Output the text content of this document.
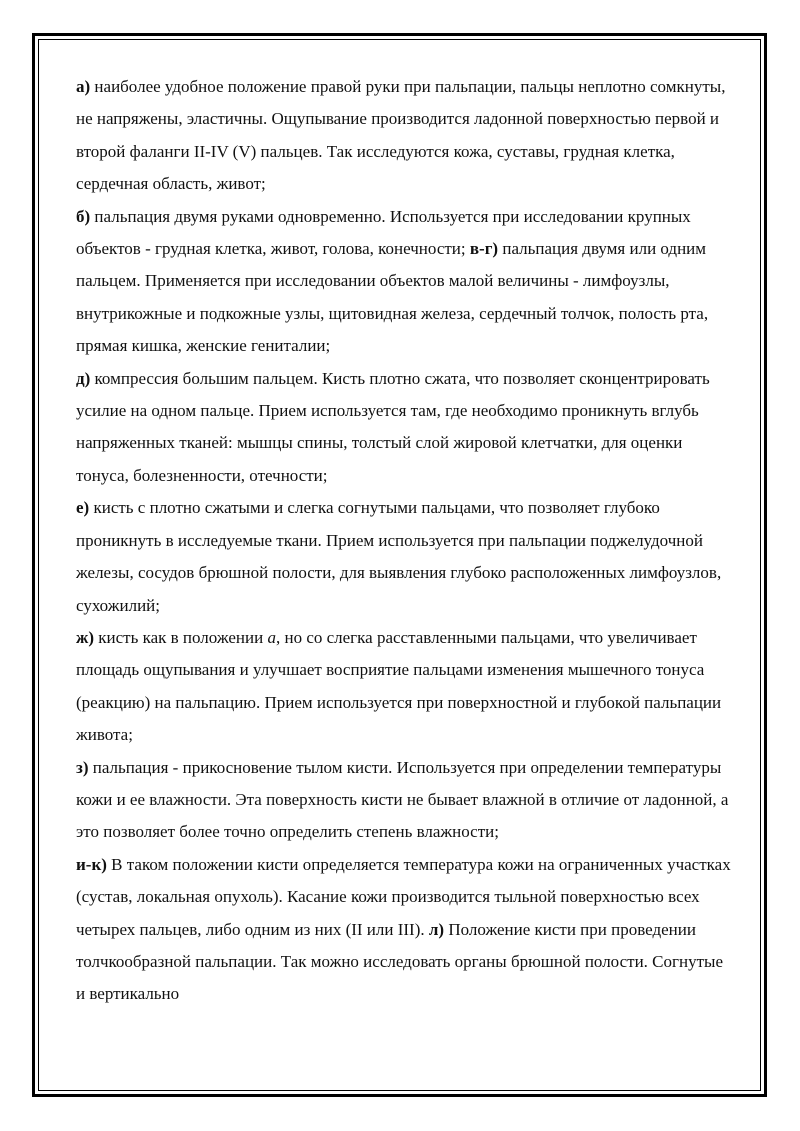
а) наиболее удобное положение правой руки при пальпации, пальцы неплотно сомкнуты, не напряжены, эластичны. Ощупывание производится ладонной поверхностью первой и второй фаланги II-IV (V) пальцев. Так исследуются кожа, суставы, грудная клетка, сердечная область, живот;

б) пальпация двумя руками одновременно. Используется при исследовании крупных объектов - грудная клетка, живот, голова, конечности; в-г) пальпация двумя или одним пальцем. Применяется при исследовании объектов малой величины - лимфоузлы, внутрикожные и подкожные узлы, щитовидная железа, сердечный толчок, полость рта, прямая кишка, женские гениталии;

д) компрессия большим пальцем. Кисть плотно сжата, что позволяет сконцентрировать усилие на одном пальце. Прием используется там, где необходимо проникнуть вглубь напряженных тканей: мышцы спины, толстый слой жировой клетчатки, для оценки тонуса, болезненности, отечности;

е) кисть с плотно сжатыми и слегка согнутыми пальцами, что позволяет глубоко проникнуть в исследуемые ткани. Прием используется при пальпации поджелудочной железы, сосудов брюшной полости, для выявления глубоко расположенных лимфоузлов, сухожилий;

ж) кисть как в положении а, но со слегка расставленными пальцами, что увеличивает площадь ощупывания и улучшает восприятие пальцами изменения мышечного тонуса (реакцию) на пальпацию. Прием используется при поверхностной и глубокой пальпации живота;

з) пальпация - прикосновение тылом кисти. Используется при определении температуры кожи и ее влажности. Эта поверхность кисти не бывает влажной в отличие от ладонной, а это позволяет более точно определить степень влажности;

и-к) В таком положении кисти определяется температура кожи на ограниченных участках (сустав, локальная опухоль). Касание кожи производится тыльной поверхностью всех четырех пальцев, либо одним из них (II или III). л) Положение кисти при проведении толчкообразной пальпации. Так можно исследовать органы брюшной полости. Согнутые и вертикально
